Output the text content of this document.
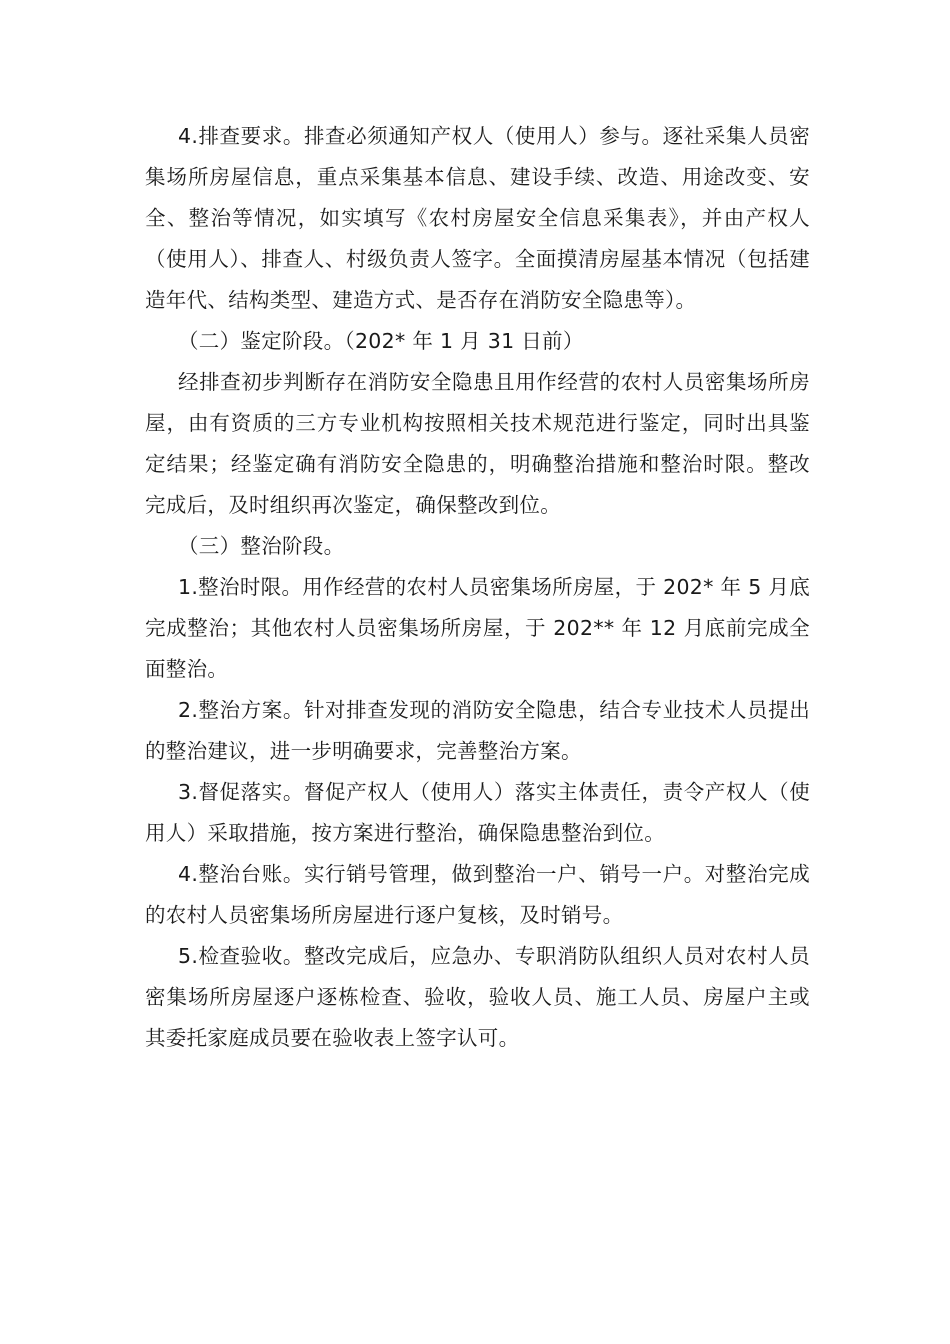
4.排查要求。排查必须通知产权人（使用人）参与。逐社采集人员密集场所房屋信息，重点采集基本信息、建设手续、改造、用途改变、安全、整治等情况，如实填写《农村房屋安全信息采集表》，并由产权人（使用人）、排查人、村级负责人签字。全面摸清房屋基本情况（包括建造年代、结构类型、建造方式、是否存在消防安全隐患等）。

（二）鉴定阶段。（202* 年 1 月 31 日前）

经排查初步判断存在消防安全隐患且用作经营的农村人员密集场所房屋，由有资质的三方专业机构按照相关技术规范进行鉴定，同时出具鉴定结果；经鉴定确有消防安全隐患的，明确整治措施和整治时限。整改完成后，及时组织再次鉴定，确保整改到位。

（三）整治阶段。

1.整治时限。用作经营的农村人员密集场所房屋，于 202* 年 5 月底完成整治；其他农村人员密集场所房屋，于 202** 年 12 月底前完成全面整治。

2.整治方案。针对排查发现的消防安全隐患，结合专业技术人员提出的整治建议，进一步明确要求，完善整治方案。

3.督促落实。督促产权人（使用人）落实主体责任，责令产权人（使用人）采取措施，按方案进行整治，确保隐患整治到位。

4.整治台账。实行销号管理，做到整治一户、销号一户。对整治完成的农村人员密集场所房屋进行逐户复核，及时销号。

5.检查验收。整改完成后，应急办、专职消防队组织人员对农村人员密集场所房屋逐户逐栋检查、验收，验收人员、施工人员、房屋户主或其委托家庭成员要在验收表上签字认可。
